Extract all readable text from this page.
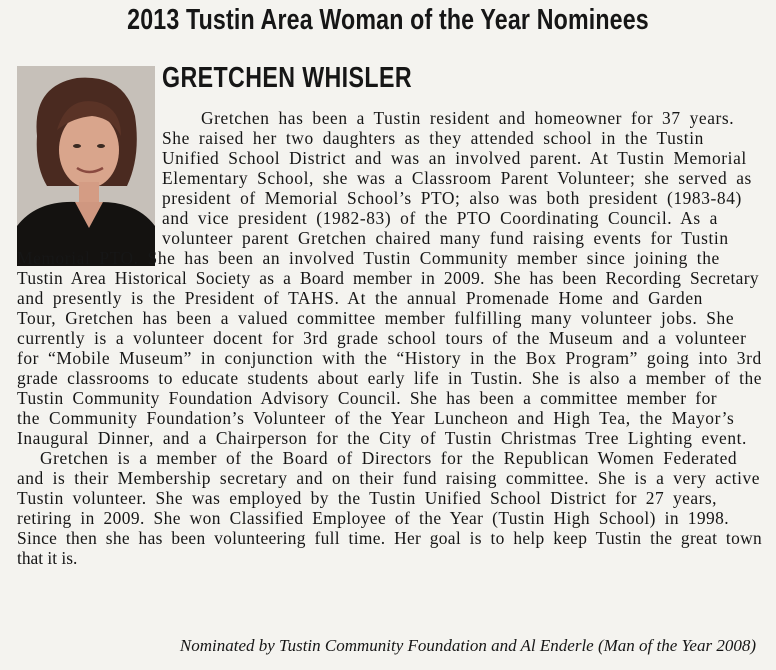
2013 Tustin Area Woman of the Year Nominees
GRETCHEN WHISLER
Gretchen has been a Tustin resident and homeowner for 37 years.
She raised her two daughters as they attended school in the Tustin
Unified School District and was an involved parent. At Tustin Memorial
Elementary School, she was a Classroom Parent Volunteer; she served as
president of Memorial School’s PTO; also was both president (1983-84)
and vice president (1982-83) of the PTO Coordinating Council. As a
volunteer parent Gretchen chaired many fund raising events for Tustin
Memorial PTO. She has been an involved Tustin Community member since joining the
Tustin Area Historical Society as a Board member in 2009. She has been Recording Secretary
and presently is the President of TAHS. At the annual Promenade Home and Garden
Tour, Gretchen has been a valued committee member fulfilling many volunteer jobs. She
currently is a volunteer docent for 3rd grade school tours of the Museum and a volunteer
for “Mobile Museum” in conjunction with the “History in the Box Program” going into 3rd
grade classrooms to educate students about early life in Tustin. She is also a member of the
Tustin Community Foundation Advisory Council. She has been a committee member for
the Community Foundation’s Volunteer of the Year Luncheon and High Tea, the Mayor’s
Inaugural Dinner, and a Chairperson for the City of Tustin Christmas Tree Lighting event.
Gretchen is a member of the Board of Directors for the Republican Women Federated
and is their Membership secretary and on their fund raising committee. She is a very active
Tustin volunteer. She was employed by the Tustin Unified School District for 27 years,
retiring in 2009. She won Classified Employee of the Year (Tustin High School) in 1998.
Since then she has been volunteering full time. Her goal is to help keep Tustin the great town
that it is.
Nominated by Tustin Community Foundation and Al Enderle (Man of the Year 2008)
